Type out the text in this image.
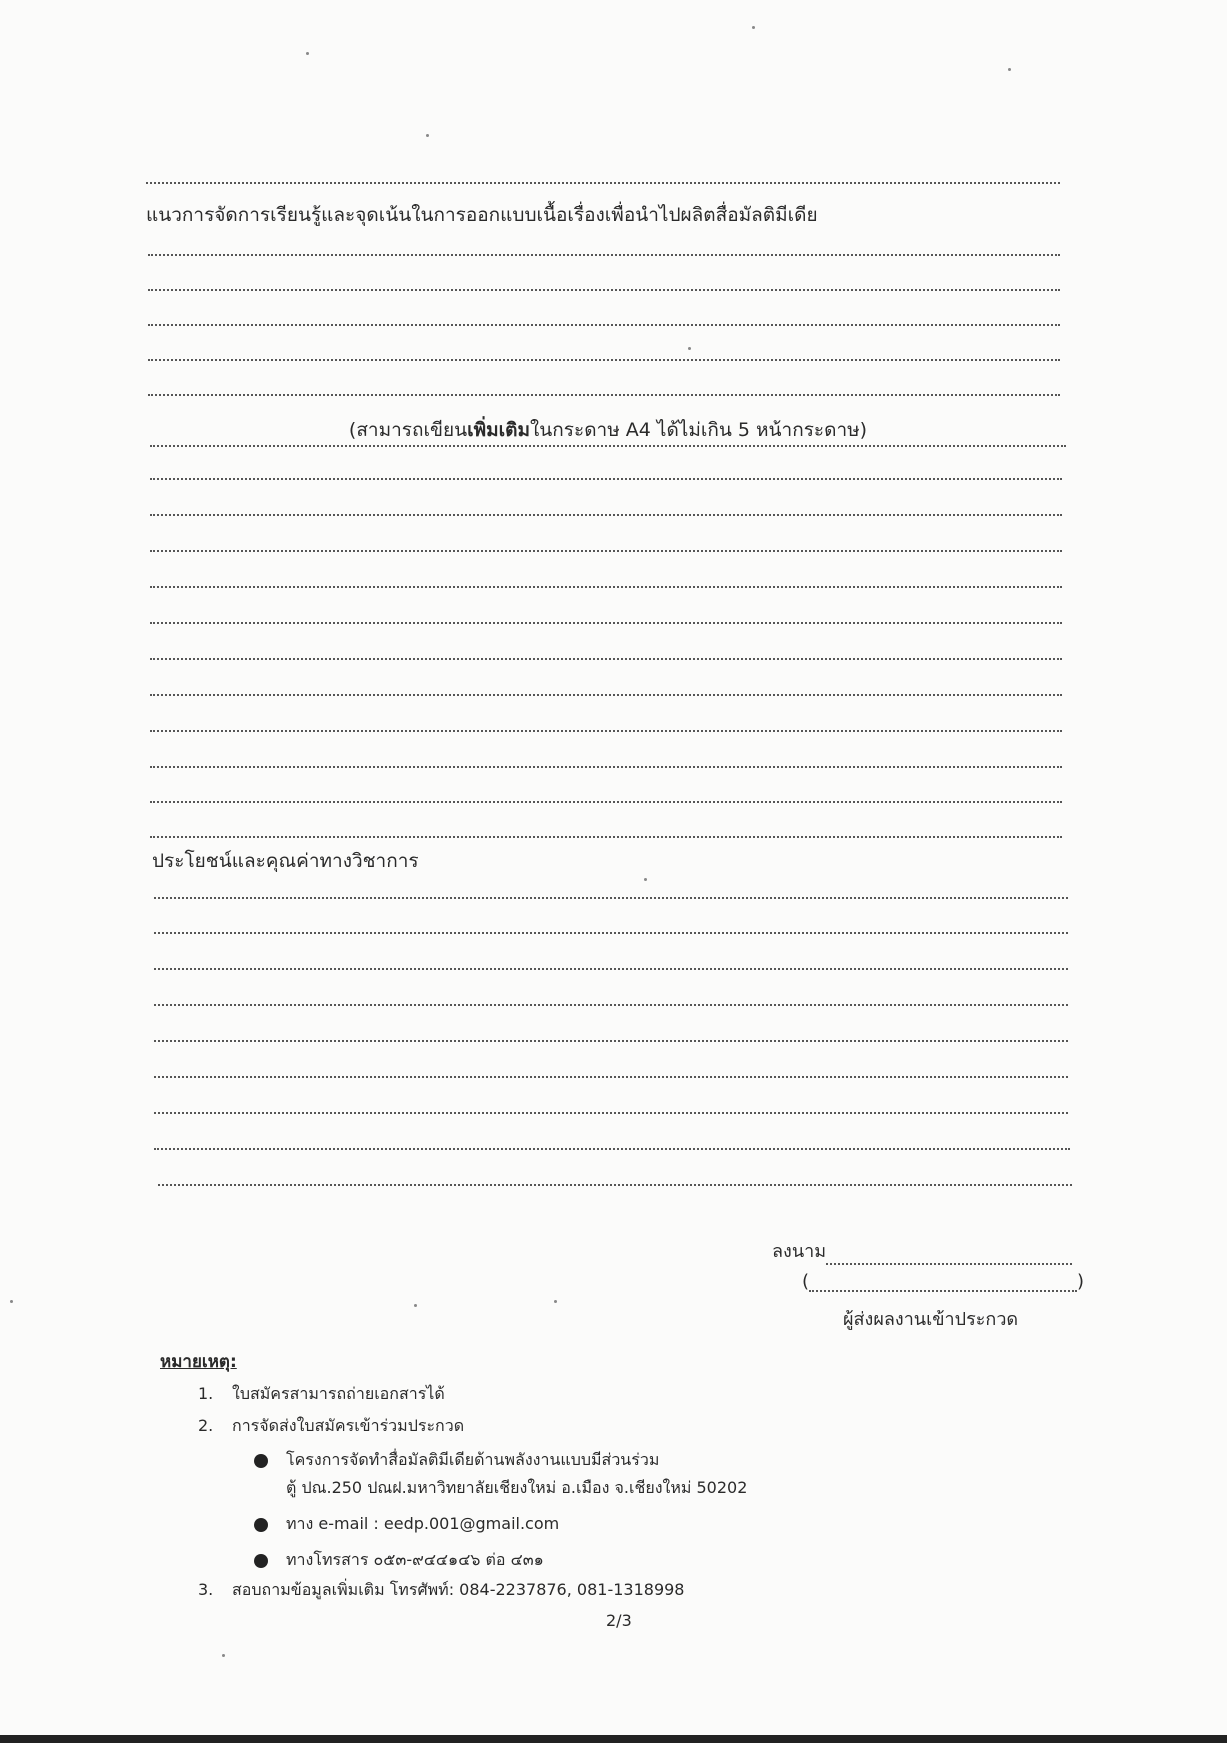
แนวการจัดการเรียนรู้และจุดเน้นในการออกแบบเนื้อเรื่องเพื่อนำไปผลิตสื่อมัลติมีเดีย
(สามารถเขียนเพิ่มเติมในกระดาษ A4 ได้ไม่เกิน 5 หน้ากระดาษ)
ประโยชน์และคุณค่าทางวิชาการ
ลงนาม
(	)
ผู้ส่งผลงานเข้าประกวด
หมายเหตุ:
1. ใบสมัครสามารถถ่ายเอกสารได้
2. การจัดส่งใบสมัครเข้าร่วมประกวด
โครงการจัดทำสื่อมัลติมีเดียด้านพลังงานแบบมีส่วนร่วม
ตู้ ปณ.250 ปณฝ.มหาวิทยาลัยเชียงใหม่ อ.เมือง จ.เชียงใหม่ 50202
ทาง e-mail : eedp.001@gmail.com
ทางโทรสาร ๐๕๓-๙๔๔๑๔๖ ต่อ ๔๓๑
3. สอบถามข้อมูลเพิ่มเติม โทรศัพท์: 084-2237876, 081-1318998
2/3
